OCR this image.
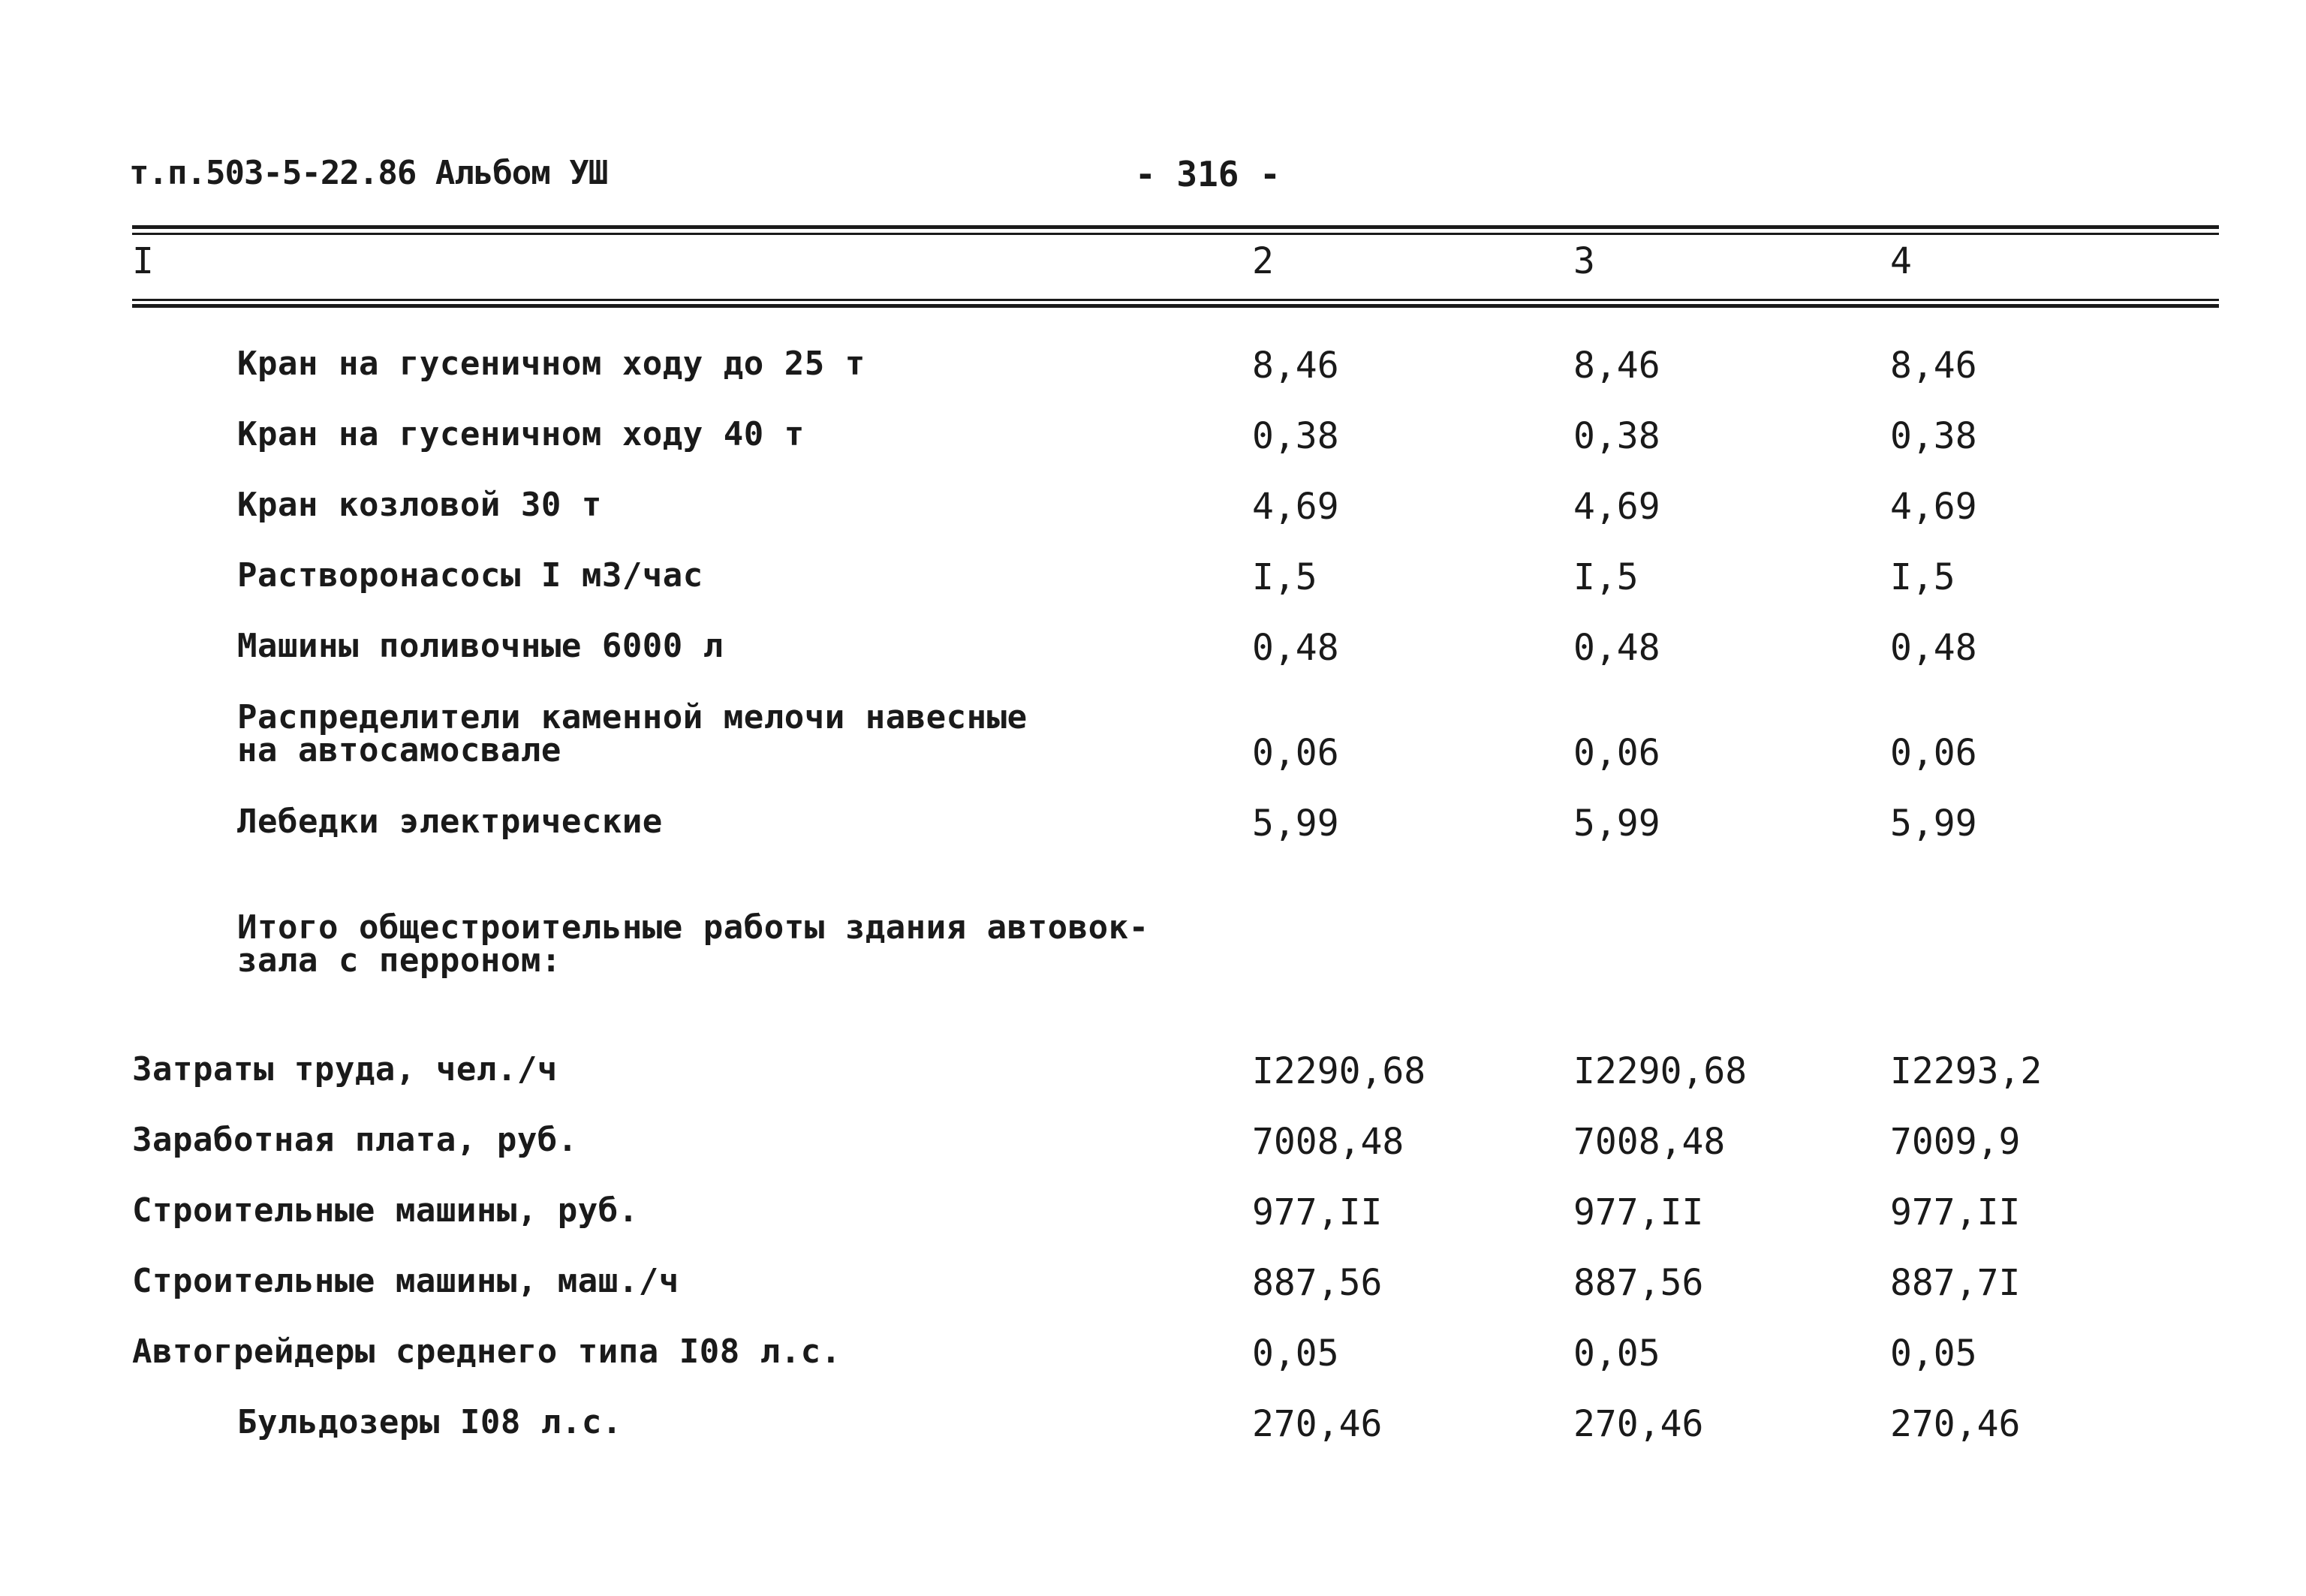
т.п.503-5-22.86 Альбом УШ	- 316 -
I	2	3	4
Кран на гусеничном ходу до 25 т	8,46	8,46	8,46
Кран на гусеничном ходу 40 т	0,38	0,38	0,38
Кран козловой 30 т	4,69	4,69	4,69
Растворонасосы I м3/час	I,5	I,5	I,5
Машины поливочные 6000 л	0,48	0,48	0,48
Распределители каменной мелочи навесные
на автосамосвале	0,06	0,06	0,06
Лебедки электрические	5,99	5,99	5,99
Итого общестроительные работы здания автовок-
зала с перроном:
Затраты труда, чел./ч	I2290,68	I2290,68	I2293,2
Заработная плата, руб.	7008,48	7008,48	7009,9
Строительные машины, руб.	977,II	977,II	977,II
Строительные машины, маш./ч	887,56	887,56	887,7I
Автогрейдеры среднего типа I08 л.с.	0,05	0,05	0,05
Бульдозеры I08 л.с.	270,46	270,46	270,46
